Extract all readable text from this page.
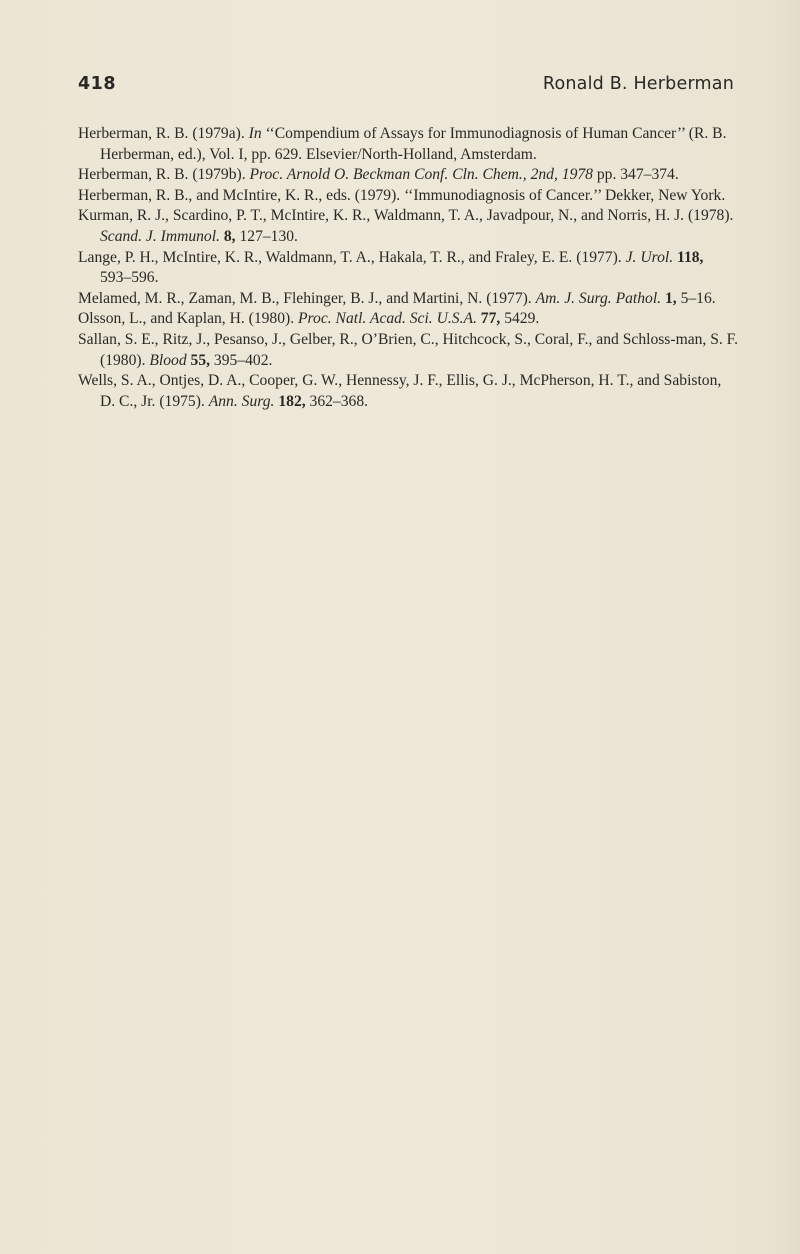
418	Ronald B. Herberman
Herberman, R. B. (1979a). In ‘‘Compendium of Assays for Immunodiagnosis of Human Cancer’’ (R. B. Herberman, ed.), Vol. I, pp. 629. Elsevier/North-Holland, Amsterdam.
Herberman, R. B. (1979b). Proc. Arnold O. Beckman Conf. Cln. Chem., 2nd, 1978 pp. 347–374.
Herberman, R. B., and McIntire, K. R., eds. (1979). ‘‘Immunodiagnosis of Cancer.’’ Dekker, New York.
Kurman, R. J., Scardino, P. T., McIntire, K. R., Waldmann, T. A., Javadpour, N., and Norris, H. J. (1978). Scand. J. Immunol. 8, 127–130.
Lange, P. H., McIntire, K. R., Waldmann, T. A., Hakala, T. R., and Fraley, E. E. (1977). J. Urol. 118, 593–596.
Melamed, M. R., Zaman, M. B., Flehinger, B. J., and Martini, N. (1977). Am. J. Surg. Pathol. 1, 5–16.
Olsson, L., and Kaplan, H. (1980). Proc. Natl. Acad. Sci. U.S.A. 77, 5429.
Sallan, S. E., Ritz, J., Pesanso, J., Gelber, R., O’Brien, C., Hitchcock, S., Coral, F., and Schloss-man, S. F. (1980). Blood 55, 395–402.
Wells, S. A., Ontjes, D. A., Cooper, G. W., Hennessy, J. F., Ellis, G. J., McPherson, H. T., and Sabiston, D. C., Jr. (1975). Ann. Surg. 182, 362–368.
